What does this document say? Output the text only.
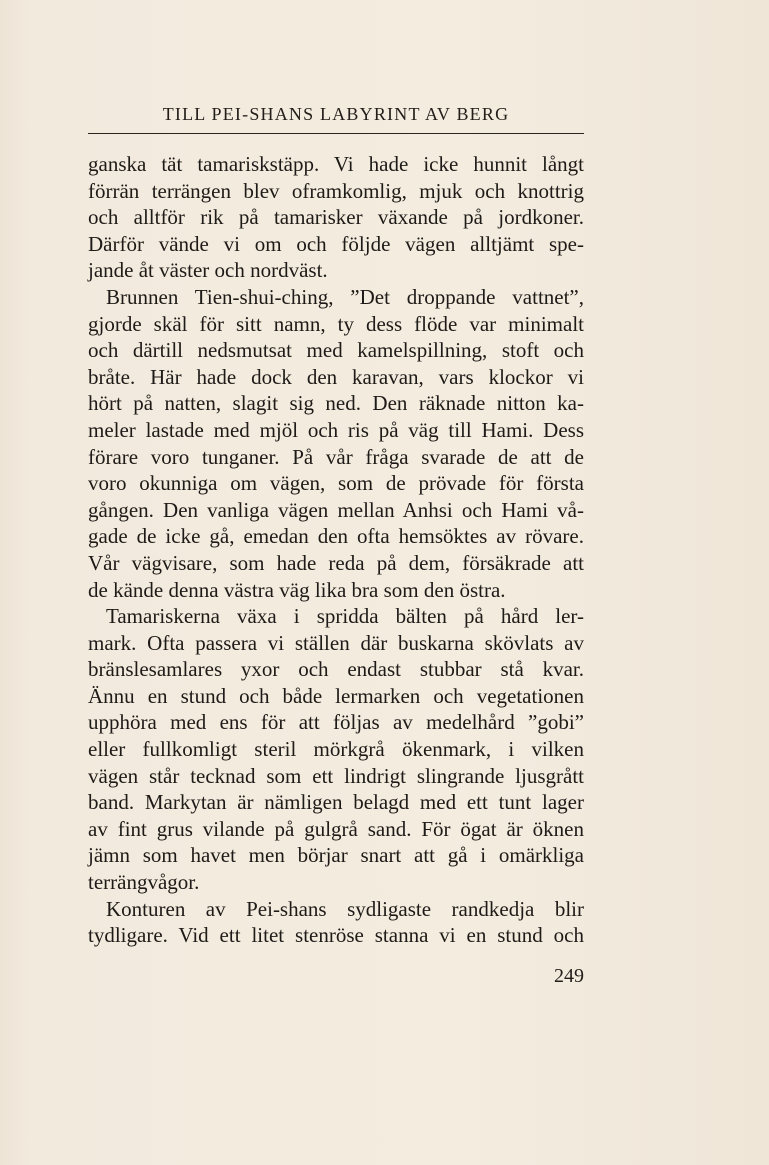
TILL PEI-SHANS LABYRINT AV BERG
ganska tät tamariskstäpp. Vi hade icke hunnit långt
förrän terrängen blev oframkomlig, mjuk och knottrig
och alltför rik på tamarisker växande på jordkoner.
Därför vände vi om och följde vägen alltjämt spe-
jande åt väster och nordväst.
Brunnen Tien-shui-ching, ”Det droppande vattnet”,
gjorde skäl för sitt namn, ty dess flöde var minimalt
och därtill nedsmutsat med kamelspillning, stoft och
bråte. Här hade dock den karavan, vars klockor vi
hört på natten, slagit sig ned. Den räknade nitton ka-
meler lastade med mjöl och ris på väg till Hami. Dess
förare voro tunganer. På vår fråga svarade de att de
voro okunniga om vägen, som de prövade för första
gången. Den vanliga vägen mellan Anhsi och Hami vå-
gade de icke gå, emedan den ofta hemsöktes av rövare.
Vår vägvisare, som hade reda på dem, försäkrade att
de kände denna västra väg lika bra som den östra.
Tamariskerna växa i spridda bälten på hård ler-
mark. Ofta passera vi ställen där buskarna skövlats av
bränslesamlares yxor och endast stubbar stå kvar.
Ännu en stund och både lermarken och vegetationen
upphöra med ens för att följas av medelhård ”gobi”
eller fullkomligt steril mörkgrå ökenmark, i vilken
vägen står tecknad som ett lindrigt slingrande ljusgrått
band. Markytan är nämligen belagd med ett tunt lager
av fint grus vilande på gulgrå sand. För ögat är öknen
jämn som havet men börjar snart att gå i omärkliga
terrängvågor.
Konturen av Pei-shans sydligaste randkedja blir
tydligare. Vid ett litet stenröse stanna vi en stund och
249
